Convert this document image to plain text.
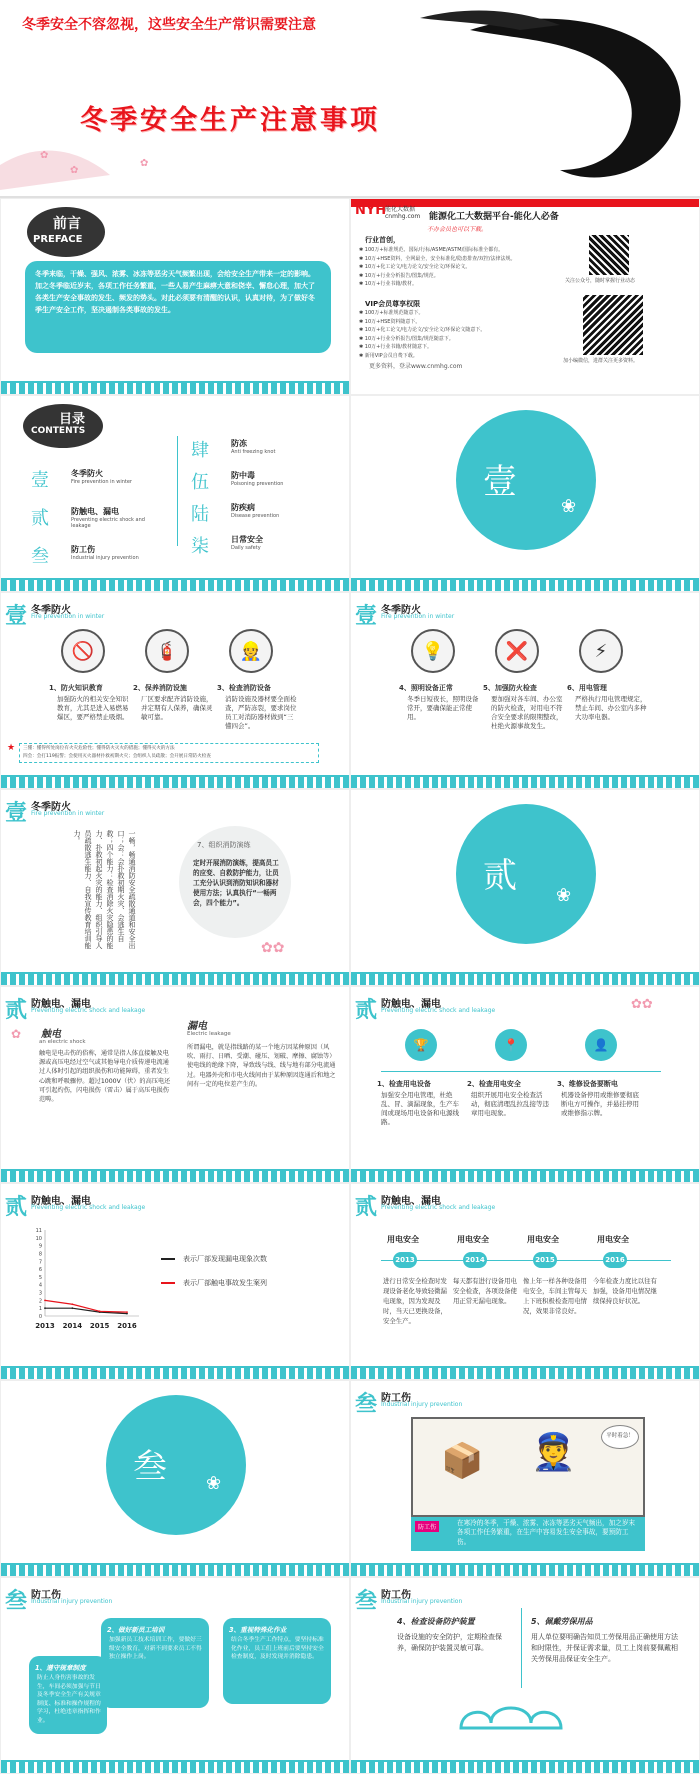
✿
✿
✿
冬季安全不容忽视，这些安全生产常识需要注意
冬季安全生产注意事项
前言
PREFACE
冬季来临，干燥、强风、浓雾、冰冻等恶劣天气频繁出现，会给安全生产带来一定的影响。加之冬季临近岁末，各项工作任务繁重，一些人易产生麻痹大意和侥幸、懈怠心理，加大了各类生产安全事故的发生、频发的势头。对此必须要有清醒的认识，认真对待，为了做好冬季生产安全工作，坚决遏制各类事故的发生。
NYH
能化大数据
cnmhg.com 能源化工大数据平台-能化人必备
不办会员也可以下载。
行业首创，
✱ 100万+标准规范、国际/行标/ASME/ASTM/国际标准全都有。
✱ 10万+HSE资料，全网最全，安全标准化/隐患排查/双控/法律法规。
✱ 10万+化工论文/电力论文/安全论文/环保论文。
✱ 10万+行业分析报告/图集/规范。
✱ 10万+行业书籍/教材。
VIP会员尊享权限
✱ 100万+标准规范随意下。
✱ 10万+HSE资料随意下。
✱ 10万+化工论文/电力论文/安全论文/环保论文随意下。
✱ 10万+行业分析报告/图集/规范随意下。
✱ 10万+行业书籍/教材随意下。
✱ 新用VIP会员自费下载。
更多资料，登录www.cnmhg.com
关注公众号，随时掌握行业动态
加小编微信，进群关注更多资料。
目录
CONTENTS
壹	冬季防火
Fire prevention in winter
贰	防触电、漏电
Preventing electric shock and leakage
叁	防工伤
Industrial injury prevention
肆	防冻
Anti freezing knot
伍	防中毒
Poisoning prevention
陆	防疾病
Disease prevention
柒	日常安全
Daily safety
壹
❀
壹 冬季防火
Fire prevention in winter
🚫	🧯	👷
1、防火知识教育
加强防火的相关安全知识教育，尤其是进入易燃易爆区，要严格禁止吸烟。
2、保养消防设施
厂区要求配齐消防设施，并定期有人保养，确保灵敏可靠。
3、检查消防设备
消防设施及器材要全面检查，严防冻裂，要求岗位员工对消防器材做到“三懂四会”。
★ 三懂：懂得所处岗位有火灾危险性；懂得防火灭火的措施；懂得灭火的方法
四会：会打119报警；会使用灭火器材扑救初期火灾；会组织人员疏散；会开展日常防火检查
壹 冬季防火
Fire prevention in winter
💡	❌	⚡
4、照明设备正常
冬季日短夜长，照明设备常开，要确保能正常使用。
5、加强防火检查
要加强对各车间、办公室的防火检查，对用电不符合安全要求的限期整改，杜绝火源事故发生。
6、用电管理
严格执行用电管理规定，禁止车间、办公室内多种大功率电器。
壹 冬季防火
Fire prevention in winter
一畅，畅通消防安全疏散通道和安全出口；会：会扑救初期火灾、会逃生自救；四个能力：检查消除火灾隐患的能力、扑救初起火灾的能力、组织引导人员疏散逃生能力、自我宣传教育培训能力。
7、组织消防演练
定时开展消防演练，提高员工的应变、自救防护能力，让员工充分认识到消防知识和器材使用方法；认真执行“一畅两会，四个能力”。
✿✿
贰 ❀
贰 防触电、漏电
Preventing electric shock and leakage
触电
an electric shock
触电是电击伤的俗称，通常是指人体直接触及电源或高压电经过空气或其他导电介质传递电流通过人体时引起的组织损伤和功能障碍，重者发生心跳和呼吸骤停。超过1000V（伏）的高压电还可引起灼伤，闪电损伤（雷击）属于高压电损伤范畴。
漏电
Electric leakage
所谓漏电，就是指线路的某一个地方因某种原因（风吹、雨打、日晒、受潮、碰压、划破、摩擦、腐蚀等）使电线的绝缘下降，导致线与线、线与地有部分电流通过。电器外壳和市电火线间由于某种原因连通后和地之间有一定的电位差产生的。
✿
贰 防触电、漏电
Preventing electric shock and leakage
🏆	📍	👤
1、检查用电设备
加强安全用电管理，杜绝乱、冒、滴漏现象，生产车间或现场用电设备和电源线路。
2、检查用电安全
组织开展用电安全检查活动，彻底清理乱拉乱接等违章用电现象。
3、维修设备要断电
机器设备停用或维修要彻底断电方可操作，并悬挂停用或维修指示牌。
✿✿
贰 防触电、漏电
Preventing electric shock and leakage
11
10
9
8
7
6
5
4
3
2
1
0
2013 2014 2015 2016
表示厂部发现漏电现象次数
表示厂部触电事故发生案列
贰 防触电、漏电
Preventing electric shock and leakage
用电安全
2013
进行日常安全检查时发现设备老化导致轻微漏电现象，因为发现及时，当天已更换设备，安全生产。
用电安全
2014
每天都有进行设备用电安全检查，各项设备使用正常无漏电现象。
用电安全
2015
像上年一样各种设备用电安全，车间主管每天上下班积极检查用电情况，效果非常良好。
用电安全
2016
今年检查力度比以往有加强，设备用电情况继续保持良好状况。
叁 ❀
叁 防工伤
Industrial injury prevention
📦 👮	平时着急！
防工伤
在寒冷的冬季，干燥、浓雾、冰冻等恶劣天气频出，加之岁末各项工作任务繁重，在生产中容易发生安全事故，要预防工伤。
叁 防工伤
Industrial injury prevention
1、遵守规章制度
防止人身伤害事故的发生，车间必须加强与节日及冬季安全生产有关规章制度、标准和操作规程的学习，杜绝违章指挥和作业。
2、做好新员工培训
加强新员工技术培训工作，要做好三级安全教育，对新不到要求员工不得独立操作上岗。
3、重视特殊化作业
结合冬季生产工作特点，要坚持标准化作业，员工们上班前后要坚持安全检查制度，及时发现并消除隐患。
叁 防工伤
Industrial injury prevention
4、检查设备防护装置
设备设施的安全防护，定期检查保养，确保防护装置灵敏可靠。
5、佩戴劳保用品
用人单位要明确告知员工劳保用品正确使用方法和时限性，并保证需求量，员工上岗前要佩戴相关劳保用品保证安全生产。
